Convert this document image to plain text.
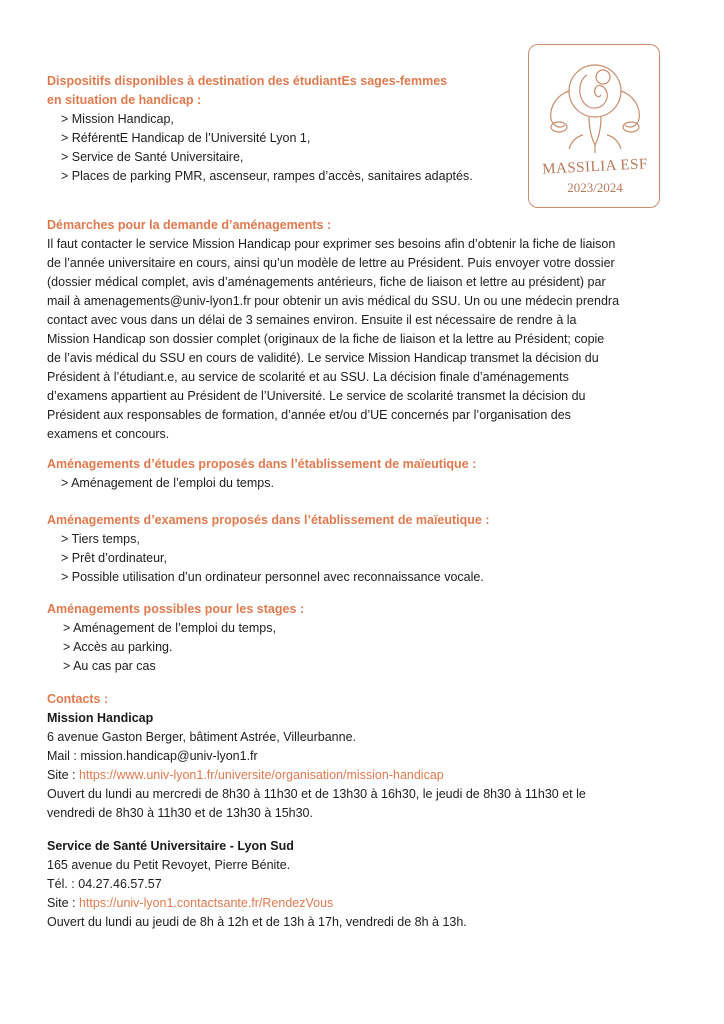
MASSILIA ESF
2023/2024

Dispositifs disponibles à destination des étudiantEs sages-femmes

en situation de handicap :

> Mission Handicap,

> RéférentE Handicap de l’Université Lyon 1,

> Service de Santé Universitaire,

> Places de parking PMR, ascenseur, rampes d’accès, sanitaires adaptés.

Démarches pour la demande d’aménagements :

Il faut contacter le service Mission Handicap pour exprimer ses besoins afin d’obtenir la fiche de liaison

de l’année universitaire en cours, ainsi qu’un modèle de lettre au Président. Puis envoyer votre dossier

(dossier médical complet, avis d’aménagements antérieurs, fiche de liaison et lettre au président) par

mail à amenagements@univ-lyon1.fr pour obtenir un avis médical du SSU. Un ou une médecin prendra

contact avec vous dans un délai de 3 semaines environ. Ensuite il est nécessaire de rendre à la

Mission Handicap son dossier complet (originaux de la fiche de liaison et la lettre au Président; copie

de l’avis médical du SSU en cours de validité). Le service Mission Handicap transmet la décision du

Président à l’étudiant.e, au service de scolarité et au SSU. La décision finale d’aménagements

d’examens appartient au Président de l’Université. Le service de scolarité transmet la décision du

Président aux responsables de formation, d’année et/ou d’UE concernés par l’organisation des

examens et concours.

Aménagements d’études proposés dans l’établissement de maïeutique :

> Aménagement de l’emploi du temps.

Aménagements d’examens proposés dans l’établissement de maïeutique :

> Tiers temps,

> Prêt d’ordinateur,

> Possible utilisation d’un ordinateur personnel avec reconnaissance vocale.

Aménagements possibles pour les stages :

> Aménagement de l’emploi du temps,

> Accès au parking.

> Au cas par cas

Contacts :

Mission Handicap

6 avenue Gaston Berger, bâtiment Astrée, Villeurbanne.

Mail : mission.handicap@univ-lyon1.fr

Site : https://www.univ-lyon1.fr/universite/organisation/mission-handicap

Ouvert du lundi au mercredi de 8h30 à 11h30 et de 13h30 à 16h30, le jeudi de 8h30 à 11h30 et le

vendredi de 8h30 à 11h30 et de 13h30 à 15h30.

Service de Santé Universitaire - Lyon Sud

165 avenue du Petit Revoyet, Pierre Bénite.

Tél. : 04.27.46.57.57

Site : https://univ-lyon1.contactsante.fr/RendezVous

Ouvert du lundi au jeudi de 8h à 12h et de 13h à 17h, vendredi de 8h à 13h.
